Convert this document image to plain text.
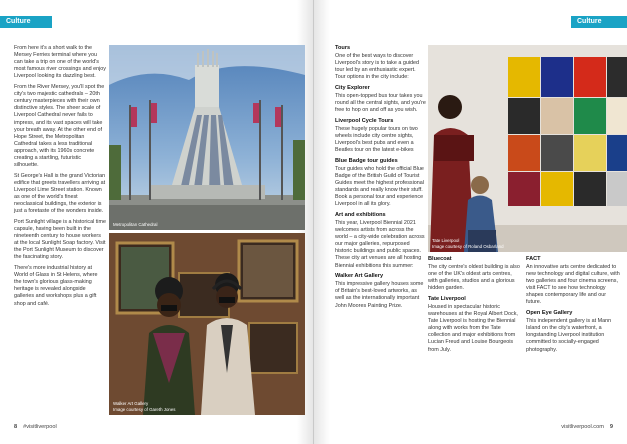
Culture

From here it's a short walk to the Mersey Ferries terminal where you can take a trip on one of the world's most famous river crossings and enjoy Liverpool looking its dazzling best.

From the River Mersey, you'll spot the city's two majestic cathedrals – 20th century masterpieces with their own distinctive styles. The sheer scale of Liverpool Cathedral never fails to impress, and its vast spaces will take your breath away. At the other end of Hope Street, the Metropolitan Cathedral takes a less traditional approach, with its 1960s concrete creating a startling, futuristic silhouette.

St George's Hall is the grand Victorian edifice that greets travellers arriving at Liverpool Lime Street station. Known as one of the world's finest neoclassical buildings, the exterior is just a foretaste of the wonders inside.

Port Sunlight village is a historical time capsule, having been built in the nineteenth century to house workers at the local Sunlight Soap factory. Visit the Port Sunlight Museum to discover the fascinating story.

There's more industrial history at World of Glass in St Helens, where the town's glorious glass-making heritage is revealed alongside galleries and workshops plus a gift shop and café.

Metropolitan Cathedral
Walker Art Gallery
Image courtesy of Gareth Jones
8 #visitliverpool
Culture
Tours

One of the best ways to discover Liverpool's story is to take a guided tour led by an enthusiastic expert. Tour options in the city include:

City Explorer

This open-topped bus tour takes you round all the central sights, and you're free to hop on and off as you wish.

Liverpool Cycle Tours

These hugely popular tours on two wheels include city centre sights, Liverpool's best pubs and even a Beatles tour on the latest e-bikes

Blue Badge tour guides

Tour guides who hold the official Blue Badge of the British Guild of Tourist Guides meet the highest professional standards and really know their stuff. Book a personal tour and experience Liverpool in all its glory.

Art and exhibitions

This year, Liverpool Biennial 2021 welcomes artists from across the world – a city-wide celebration across our major galleries, repurposed historic buildings and public spaces. These city art venues are all hosting Biennial exhibitions this summer:

Walker Art Gallery

This impressive gallery houses some of Britain's best-loved artworks, as well as the internationally important John Moores Painting Prize.

Tate Liverpool
Image courtesy of Roland Osbarland
Bluecoat

The city centre's oldest building is also one of the UK's oldest arts centres, with galleries, studios and a glorious hidden garden.

Tate Liverpool

Housed in spectacular historic warehouses at the Royal Albert Dock, Tate Liverpool is hosting the Biennial along with works from the Tate collection and major exhibitions from Lucian Freud and Louise Bourgeois from July.

FACT

An innovative arts centre dedicated to new technology and digital culture, with two galleries and four cinema screens, visit FACT to see how technology shapes contemporary life and our future.

Open Eye Gallery

This independent gallery is at Mann Island on the city's waterfront, a longstanding Liverpool institution committed to socially-engaged photography.

visitliverpool.com 9
